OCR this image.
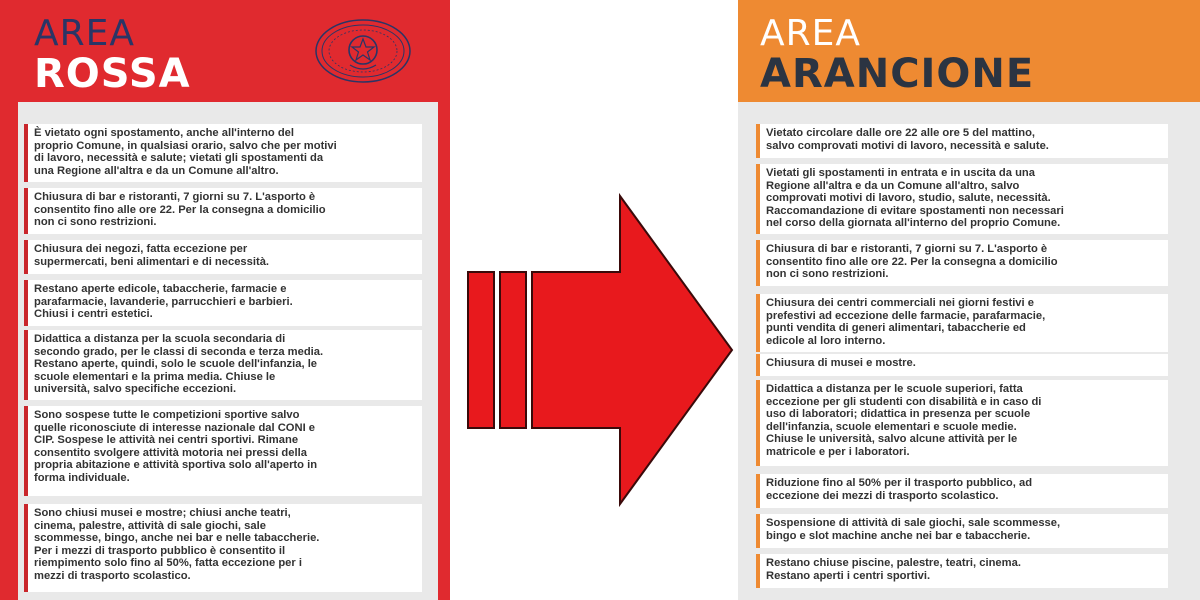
AREA
ROSSA
È vietato ogni spostamento, anche all'interno del
proprio Comune, in qualsiasi orario, salvo che per motivi
di lavoro, necessità e salute; vietati gli spostamenti da
una Regione all'altra e da un Comune all'altro.
Chiusura di bar e ristoranti, 7 giorni su 7. L'asporto è
consentito fino alle ore 22. Per la consegna a domicilio
non ci sono restrizioni.
Chiusura dei negozi, fatta eccezione per
supermercati, beni alimentari e di necessità.
Restano aperte edicole, tabaccherie, farmacie e
parafarmacie, lavanderie, parrucchieri e barbieri.
Chiusi i centri estetici.
Didattica a distanza per la scuola secondaria di
secondo grado, per le classi di seconda e terza media.
Restano aperte, quindi, solo le scuole dell'infanzia, le
scuole elementari e la prima media. Chiuse le
università, salvo specifiche eccezioni.
Sono sospese tutte le competizioni sportive salvo
quelle riconosciute di interesse nazionale dal CONI e
CIP. Sospese le attività nei centri sportivi. Rimane
consentito svolgere attività motoria nei pressi della
propria abitazione e attività sportiva solo all'aperto in
forma individuale.
Sono chiusi musei e mostre; chiusi anche teatri,
cinema, palestre, attività di sale giochi, sale
scommesse, bingo, anche nei bar e nelle tabaccherie.
Per i mezzi di trasporto pubblico è consentito il
riempimento solo fino al 50%, fatta eccezione per i
mezzi di trasporto scolastico.
AREA
ARANCIONE
Vietato circolare dalle ore 22 alle ore 5 del mattino,
salvo comprovati motivi di lavoro, necessità e salute.
Vietati gli spostamenti in entrata e in uscita da una
Regione all'altra e da un Comune all'altro, salvo
comprovati motivi di lavoro, studio, salute, necessità.
Raccomandazione di evitare spostamenti non necessari
nel corso della giornata all'interno del proprio Comune.
Chiusura di bar e ristoranti, 7 giorni su 7. L'asporto è
consentito fino alle ore 22. Per la consegna a domicilio
non ci sono restrizioni.
Chiusura dei centri commerciali nei giorni festivi e
prefestivi ad eccezione delle farmacie, parafarmacie,
punti vendita di generi alimentari, tabaccherie ed
edicole al loro interno.
Chiusura di musei e mostre.
Didattica a distanza per le scuole superiori, fatta
eccezione per gli studenti con disabilità e in caso di
uso di laboratori; didattica in presenza per scuole
dell'infanzia, scuole elementari e scuole medie.
Chiuse le università, salvo alcune attività per le
matricole e per i laboratori.
Riduzione fino al 50% per il trasporto pubblico, ad
eccezione dei mezzi di trasporto scolastico.
Sospensione di attività di sale giochi, sale scommesse,
bingo e slot machine anche nei bar e tabaccherie.
Restano chiuse piscine, palestre, teatri, cinema.
Restano aperti i centri sportivi.
